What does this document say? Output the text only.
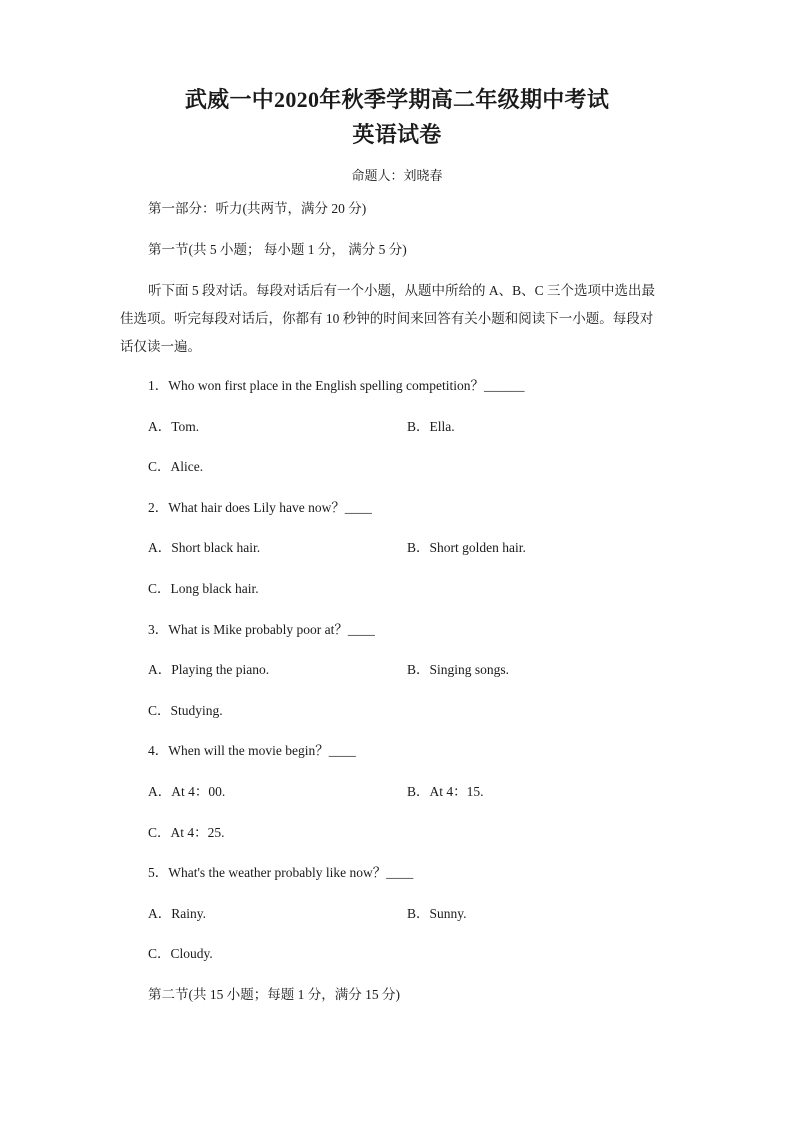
武威一中2020年秋季学期高二年级期中考试
英语试卷
命题人：刘晓春
第一部分：听力(共两节，满分 20 分)
第一节(共 5 小题； 每小题 1 分， 满分 5 分)
听下面 5 段对话。每段对话后有一个小题，从题中所给的 A、B、C 三个选项中选出最
佳选项。听完每段对话后，你都有 10 秒钟的时间来回答有关小题和阅读下一小题。每段对
话仅读一遍。
1．Who won first place in the English spelling competition？______
A．Tom.	B．Ella.
C．Alice.
2．What hair does Lily have now？____
A．Short black hair.	B．Short golden hair.
C．Long black hair.
3．What is Mike probably poor at？____
A．Playing the piano.	B．Singing songs.
C．Studying.
4．When will the movie begin？____
A．At 4：00.	B．At 4：15.
C．At 4：25.
5．What's the weather probably like now？____
A．Rainy.	B．Sunny.
C．Cloudy.
第二节(共 15 小题；每题 1 分，满分 15 分)
